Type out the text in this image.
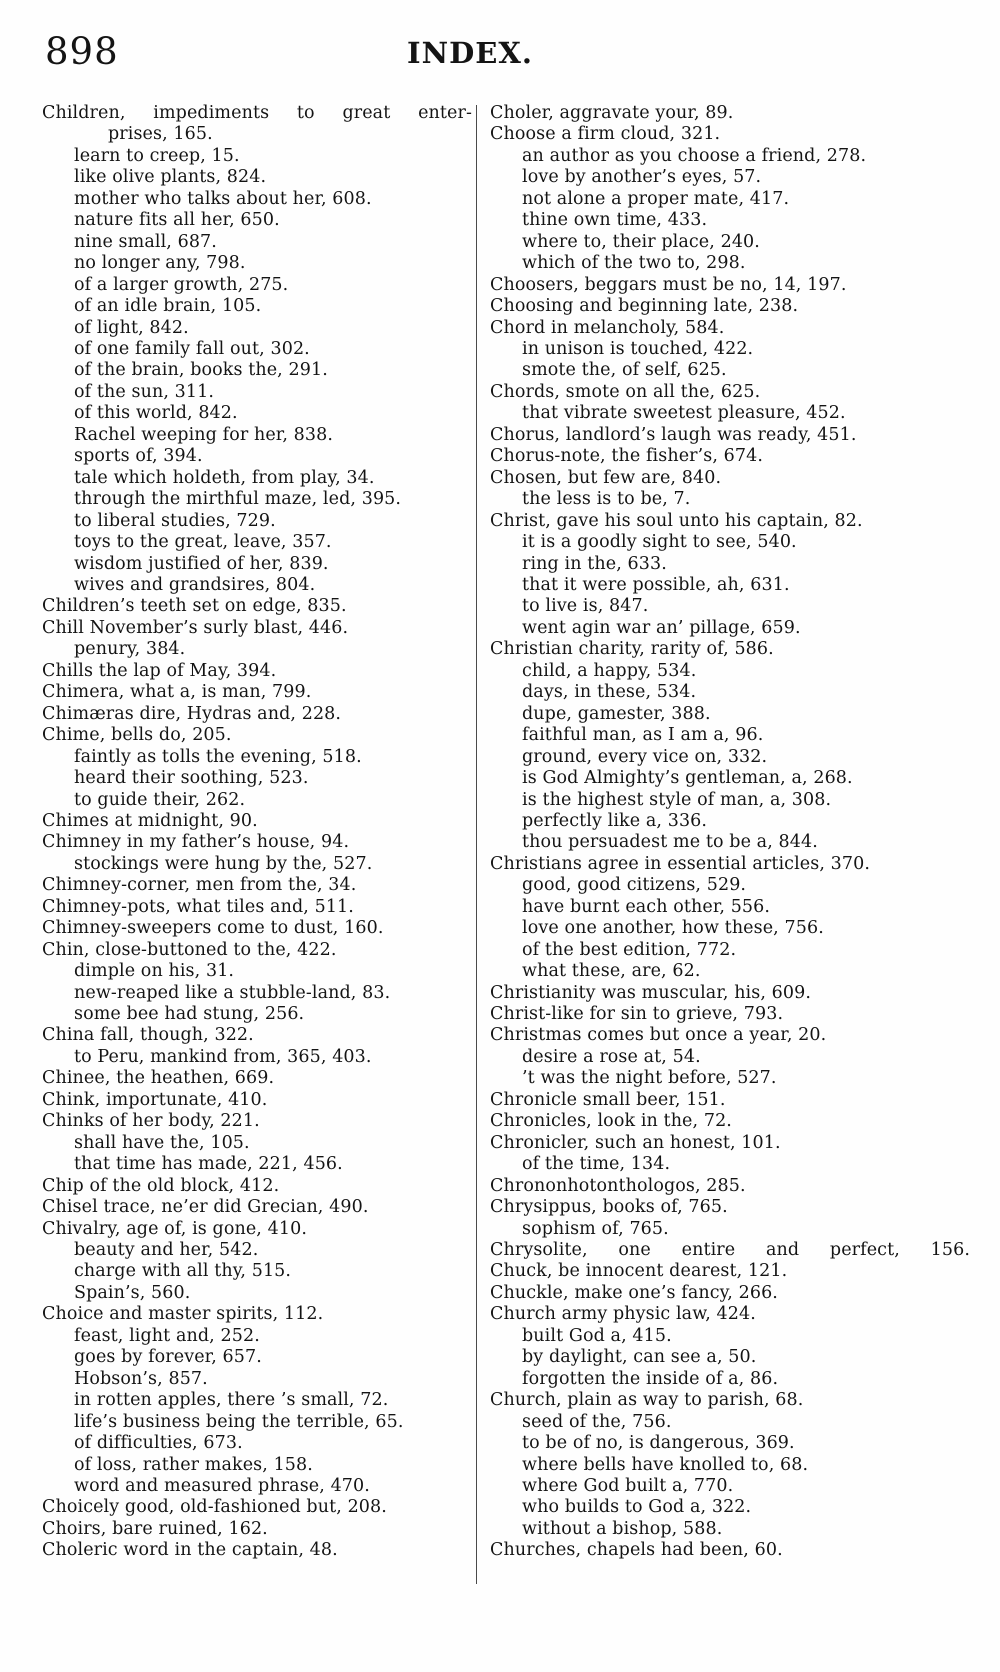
898	INDEX.
Children, impediments to great enter-
prises, 165.
learn to creep, 15.
like olive plants, 824.
mother who talks about her, 608.
nature fits all her, 650.
nine small, 687.
no longer any, 798.
of a larger growth, 275.
of an idle brain, 105.
of light, 842.
of one family fall out, 302.
of the brain, books the, 291.
of the sun, 311.
of this world, 842.
Rachel weeping for her, 838.
sports of, 394.
tale which holdeth, from play, 34.
through the mirthful maze, led, 395.
to liberal studies, 729.
toys to the great, leave, 357.
wisdom justified of her, 839.
wives and grandsires, 804.
Children’s teeth set on edge, 835.
Chill November’s surly blast, 446.
penury, 384.
Chills the lap of May, 394.
Chimera, what a, is man, 799.
Chimæras dire, Hydras and, 228.
Chime, bells do, 205.
faintly as tolls the evening, 518.
heard their soothing, 523.
to guide their, 262.
Chimes at midnight, 90.
Chimney in my father’s house, 94.
stockings were hung by the, 527.
Chimney-corner, men from the, 34.
Chimney-pots, what tiles and, 511.
Chimney-sweepers come to dust, 160.
Chin, close-buttoned to the, 422.
dimple on his, 31.
new-reaped like a stubble-land, 83.
some bee had stung, 256.
China fall, though, 322.
to Peru, mankind from, 365, 403.
Chinee, the heathen, 669.
Chink, importunate, 410.
Chinks of her body, 221.
shall have the, 105.
that time has made, 221, 456.
Chip of the old block, 412.
Chisel trace, ne’er did Grecian, 490.
Chivalry, age of, is gone, 410.
beauty and her, 542.
charge with all thy, 515.
Spain’s, 560.
Choice and master spirits, 112.
feast, light and, 252.
goes by forever, 657.
Hobson’s, 857.
in rotten apples, there ’s small, 72.
life’s business being the terrible, 65.
of difficulties, 673.
of loss, rather makes, 158.
word and measured phrase, 470.
Choicely good, old-fashioned but, 208.
Choirs, bare ruined, 162.
Choleric word in the captain, 48.
Choler, aggravate your, 89.
Choose a firm cloud, 321.
an author as you choose a friend, 278.
love by another’s eyes, 57.
not alone a proper mate, 417.
thine own time, 433.
where to, their place, 240.
which of the two to, 298.
Choosers, beggars must be no, 14, 197.
Choosing and beginning late, 238.
Chord in melancholy, 584.
in unison is touched, 422.
smote the, of self, 625.
Chords, smote on all the, 625.
that vibrate sweetest pleasure, 452.
Chorus, landlord’s laugh was ready, 451.
Chorus-note, the fisher’s, 674.
Chosen, but few are, 840.
the less is to be, 7.
Christ, gave his soul unto his captain, 82.
it is a goodly sight to see, 540.
ring in the, 633.
that it were possible, ah, 631.
to live is, 847.
went agin war an’ pillage, 659.
Christian charity, rarity of, 586.
child, a happy, 534.
days, in these, 534.
dupe, gamester, 388.
faithful man, as I am a, 96.
ground, every vice on, 332.
is God Almighty’s gentleman, a, 268.
is the highest style of man, a, 308.
perfectly like a, 336.
thou persuadest me to be a, 844.
Christians agree in essential articles, 370.
good, good citizens, 529.
have burnt each other, 556.
love one another, how these, 756.
of the best edition, 772.
what these, are, 62.
Christianity was muscular, his, 609.
Christ-like for sin to grieve, 793.
Christmas comes but once a year, 20.
desire a rose at, 54.
’t was the night before, 527.
Chronicle small beer, 151.
Chronicles, look in the, 72.
Chronicler, such an honest, 101.
of the time, 134.
Chrononhotonthologos, 285.
Chrysippus, books of, 765.
sophism of, 765.
Chrysolite, one entire and perfect, 156.
Chuck, be innocent dearest, 121.
Chuckle, make one’s fancy, 266.
Church army physic law, 424.
built God a, 415.
by daylight, can see a, 50.
forgotten the inside of a, 86.
Church, plain as way to parish, 68.
seed of the, 756.
to be of no, is dangerous, 369.
where bells have knolled to, 68.
where God built a, 770.
who builds to God a, 322.
without a bishop, 588.
Churches, chapels had been, 60.
